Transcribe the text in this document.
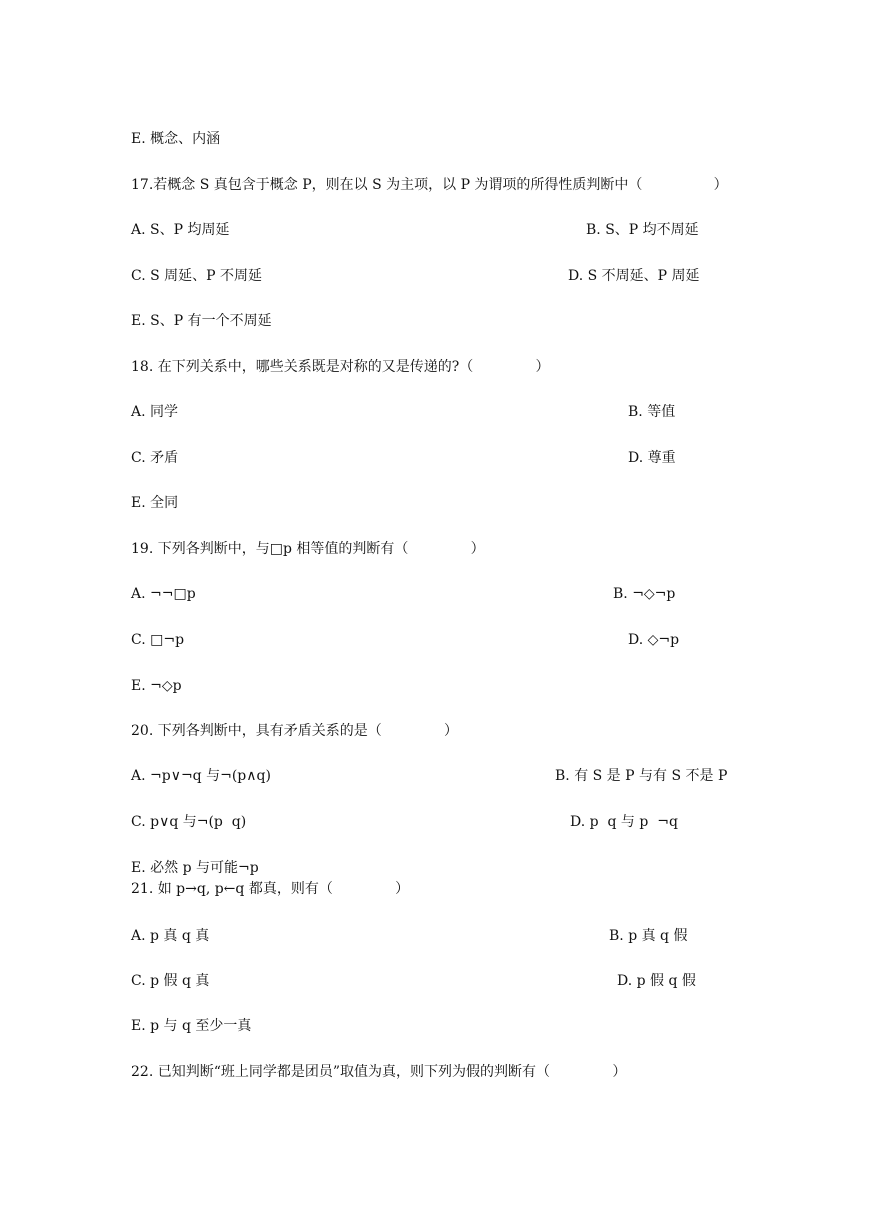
E. 概念、内涵
17.若概念 S 真包含于概念 P，则在以 S 为主项，以 P 为谓项的所得性质判断中（                ）
A. S、P 均周延	B. S、P 均不周延
C. S 周延、P 不周延	D. S 不周延、P 周延
E. S、P 有一个不周延
18. 在下列关系中，哪些关系既是对称的又是传递的?（              ）
A. 同学	B. 等值
C. 矛盾	D. 尊重
E. 全同
19. 下列各判断中，与□p 相等值的判断有（              ）
A. ¬¬□p	B. ¬◇¬p
C. □¬p	D. ◇¬p
E. ¬◇p
20. 下列各判断中，具有矛盾关系的是（              ）
A. ¬p∨¬q 与¬(p∧q)	B. 有 S 是 P 与有 S 不是 P
C. p∨q 与¬(p  q)	D. p  q 与 p  ¬q
E. 必然 p 与可能¬p
21. 如 p→q, p←q 都真，则有（              ）
A. p 真 q 真	B. p 真 q 假
C. p 假 q 真	D. p 假 q 假
E. p 与 q 至少一真
22. 已知判断“班上同学都是团员”取值为真，则下列为假的判断有（              ）
